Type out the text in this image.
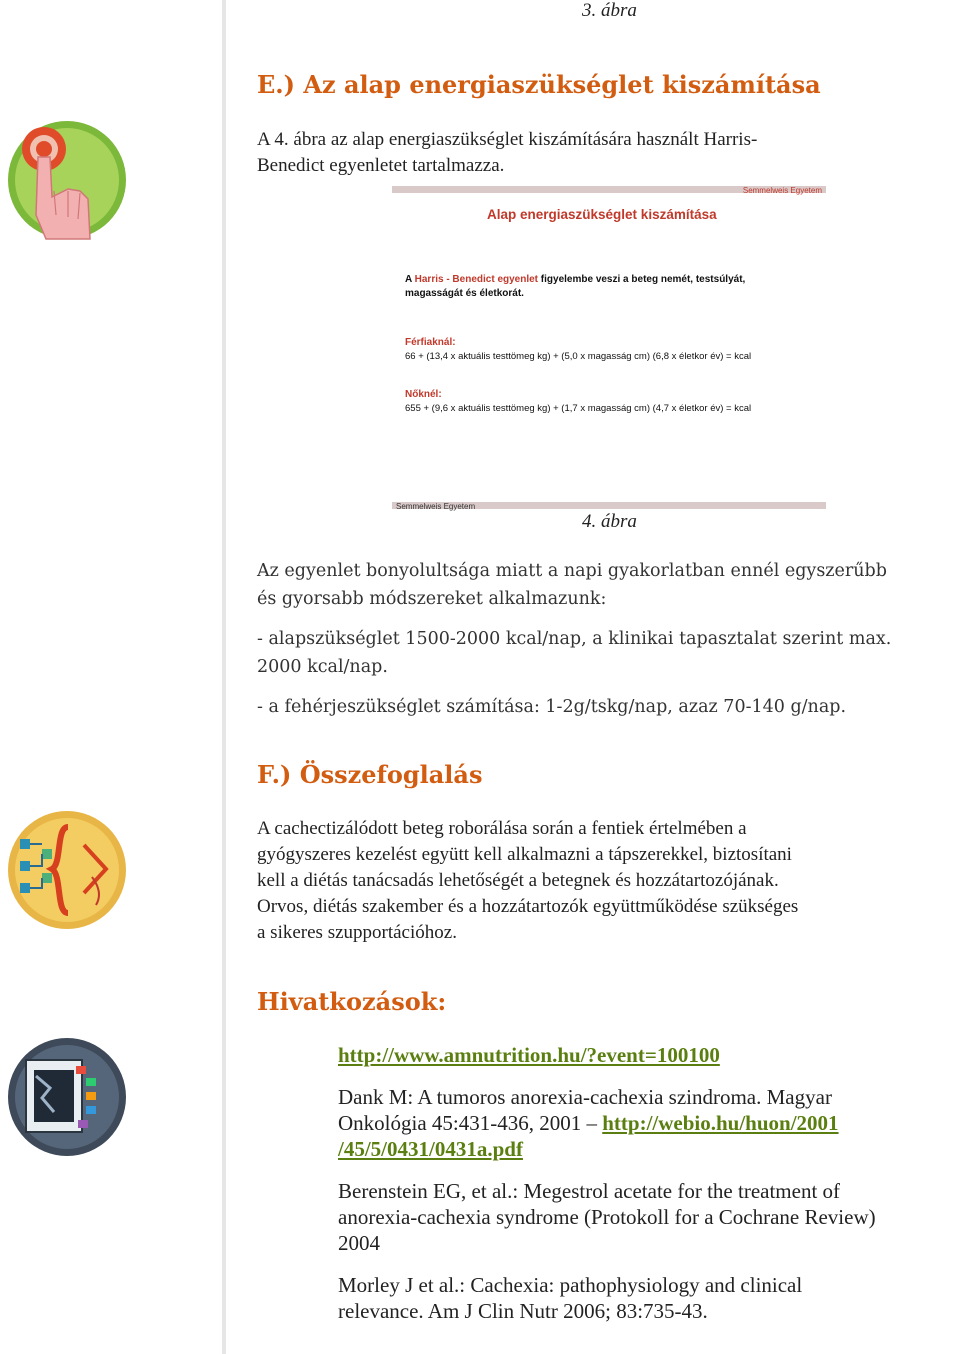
3. ábra
E.) Az alap energiaszükséglet kiszámítása
A 4. ábra az alap energiaszükséglet kiszámítására használt Harris-
Benedict egyenletet tartalmazza.
Semmelweis Egyetem
Alap energiaszükséglet kiszámítása
A Harris - Benedict egyenlet figyelembe veszi a beteg nemét, testsúlyát,
magasságát és életkorát.
Férfiaknál:
66 + (13,4 x aktuális testtömeg kg) + (5,0 x magasság cm) (6,8 x életkor év) = kcal
Nőknél:
655 + (9,6 x aktuális testtömeg kg) + (1,7 x magasság cm) (4,7 x életkor év) = kcal
Semmelweis Egyetem
4. ábra

Az egyenlet bonyolultsága miatt a napi gyakorlatban ennél egyszerűbb
és gyorsabb módszereket alkalmazunk:

- alapszükséglet 1500-2000 kcal/nap, a klinikai tapasztalat szerint max.
2000 kcal/nap.

- a fehérjeszükséglet számítása: 1-2g/tskg/nap, azaz 70-140 g/nap.

F.) Összefoglalás
A cachectizálódott beteg roborálása során a fentiek értelmében a
gyógyszeres kezelést együtt kell alkalmazni a tápszerekkel, biztosítani
kell a diétás tanácsadás lehetőségét a betegnek és hozzátartozójának.
Orvos, diétás szakember és a hozzátartozók együttműködése szükséges
a sikeres szupportációhoz.
Hivatkozások:

http://www.amnutrition.hu/?event=100100

Dank M: A tumoros anorexia-cachexia szindroma. Magyar
Onkológia 45:431-436, 2001 – http://webio.hu/huon/2001
/45/5/0431/0431a.pdf

Berenstein EG, et al.: Megestrol acetate for the treatment of
anorexia-cachexia syndrome (Protokoll for a Cochrane Review)
2004

Morley J et al.: Cachexia: pathophysiology and clinical
relevance. Am J Clin Nutr 2006; 83:735-43.
